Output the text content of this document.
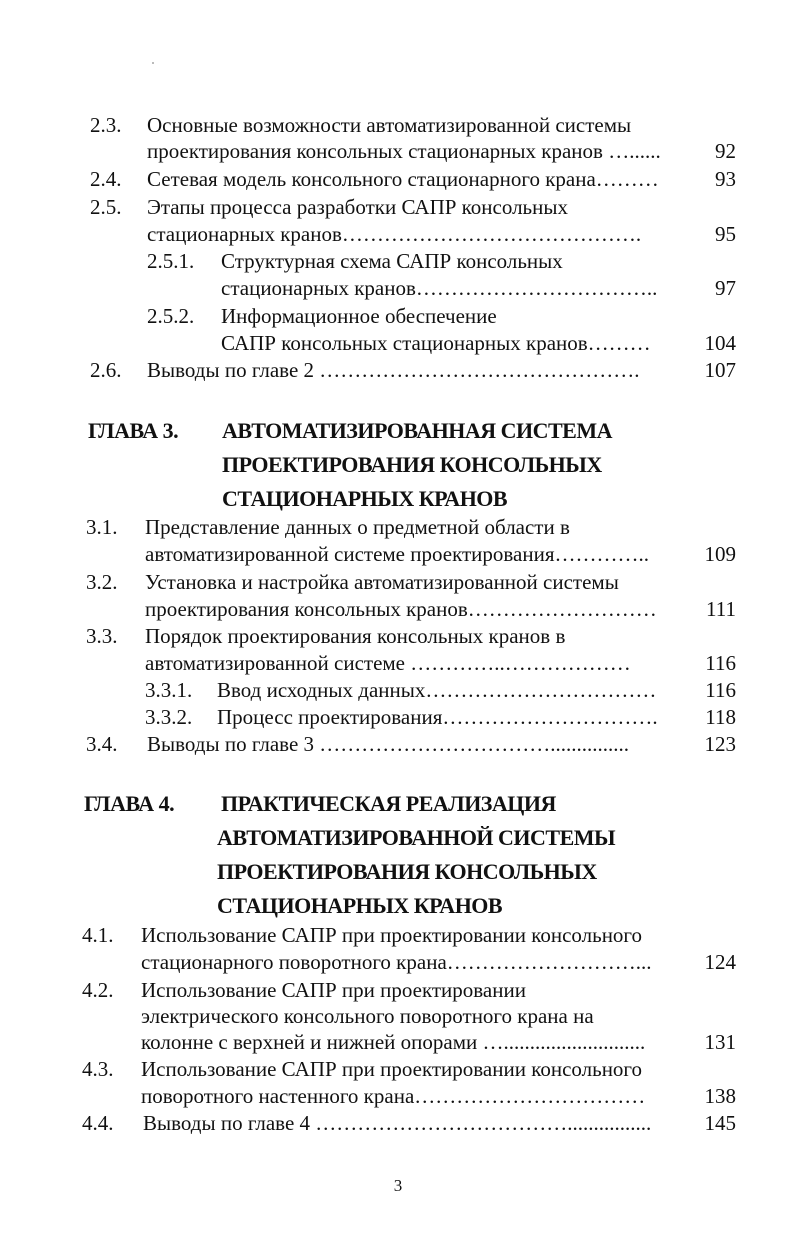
2.3. Основные возможности автоматизированной системы
проектирования консольных стационарных кранов …......	92
2.4. Сетевая модель консольного стационарного крана………	93
2.5. Этапы процесса разработки САПР консольных
стационарных кранов…………………………………….	95
2.5.1. Структурная схема САПР консольных
стационарных кранов……………………………..	97
2.5.2. Информационное обеспечение
САПР консольных стационарных кранов………	104
2.6. Выводы по главе 2 ……………………………………….	107
ГЛАВА 3. АВТОМАТИЗИРОВАННАЯ СИСТЕМА
ПРОЕКТИРОВАНИЯ КОНСОЛЬНЫХ
СТАЦИОНАРНЫХ КРАНОВ
3.1. Представление данных о предметной области в
автоматизированной системе проектирования…………..	109
3.2. Установка и настройка автоматизированной системы
проектирования консольных кранов……………………… 111
3.3. Порядок проектирования консольных кранов в
автоматизированной системе …………..………………	116
3.3.1. Ввод исходных данных…………………………… 116
3.3.2. Процесс проектирования…………………………. 118
3.4. Выводы по главе 3 ……………………………...............	123
ГЛАВА 4. ПРАКТИЧЕСКАЯ РЕАЛИЗАЦИЯ
АВТОМАТИЗИРОВАННОЙ СИСТЕМЫ
ПРОЕКТИРОВАНИЯ КОНСОЛЬНЫХ
СТАЦИОНАРНЫХ КРАНОВ
4.1. Использование САПР при проектировании консольного
стационарного поворотного крана………………………...	124
4.2. Использование САПР при проектировании
электрического консольного поворотного крана на
колонне с верхней и нижней опорами …...........................	131
4.3. Использование САПР при проектировании консольного
поворотного настенного крана……………………………	138
4.4. Выводы по главе 4 ………………………………................	145
3
